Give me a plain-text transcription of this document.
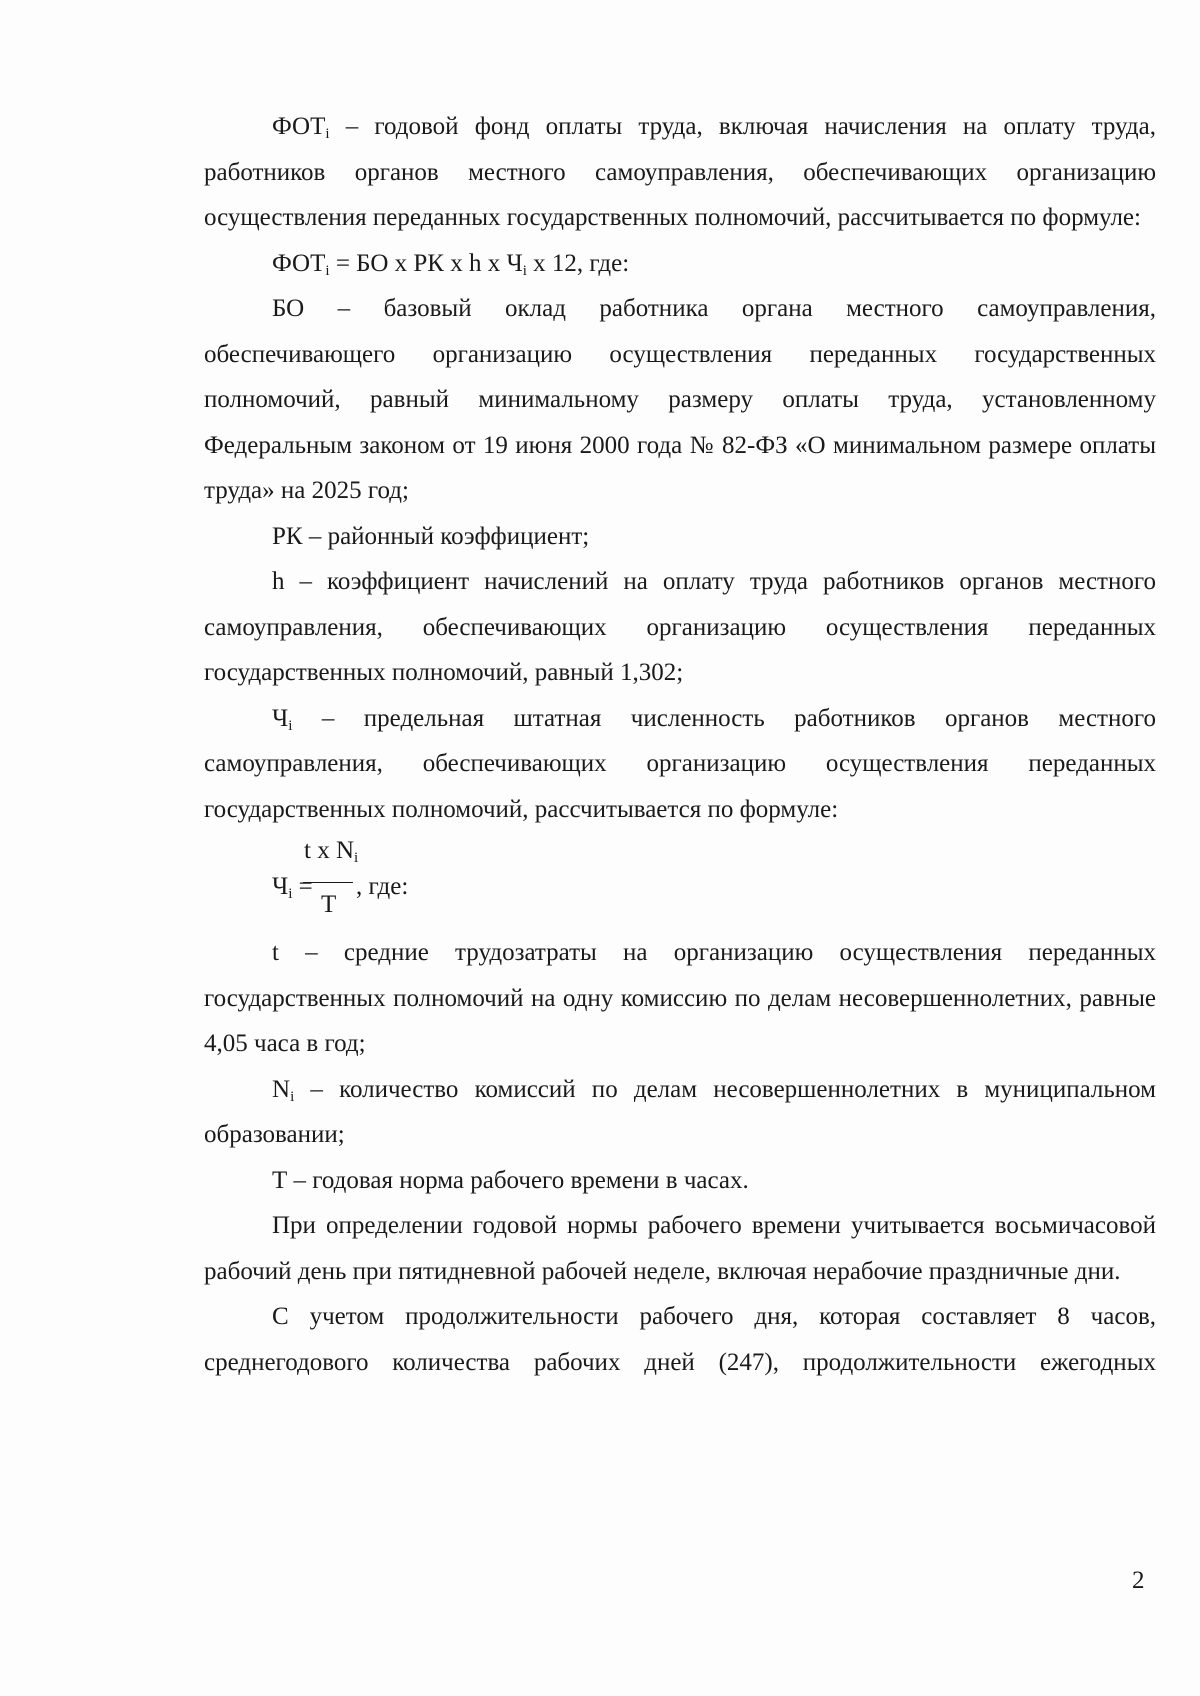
$ФОТ_i$ – годовой фонд оплаты труда, включая начисления на оплату труда, работников органов местного самоуправления, обеспечивающих организацию осуществления переданных государственных полномочий, рассчитывается по формуле:

$ФОТ_i$ = БО х РК х h х $Ч_i$ х 12, где:

БО – базовый оклад работника органа местного самоуправления, обеспечивающего организацию осуществления переданных государственных полномочий, равный минимальному размеру оплаты труда, установленному Федеральным законом от 19 июня 2000 года № 82-ФЗ «О минимальном размере оплаты труда» на 2025 год;

РК – районный коэффициент;

h – коэффициент начислений на оплату труда работников органов местного самоуправления, обеспечивающих организацию осуществления переданных государственных полномочий, равный 1,302;

$Ч_i$ – предельная штатная численность работников органов местного самоуправления, обеспечивающих организацию осуществления переданных государственных полномочий, рассчитывается по формуле:

$Ч_i$ =
t x $N_i$
T
, где:

t – средние трудозатраты на организацию осуществления переданных государственных полномочий на одну комиссию по делам несовершеннолетних, равные 4,05 часа в год;

$N_i$ – количество комиссий по делам несовершеннолетних в муниципальном образовании;

Т – годовая норма рабочего времени в часах.

При определении годовой нормы рабочего времени учитывается восьмичасовой рабочий день при пятидневной рабочей неделе, включая нерабочие праздничные дни.

С учетом продолжительности рабочего дня, которая составляет 8 часов, среднегодового количества рабочих дней (247), продолжительности ежегодных

2
